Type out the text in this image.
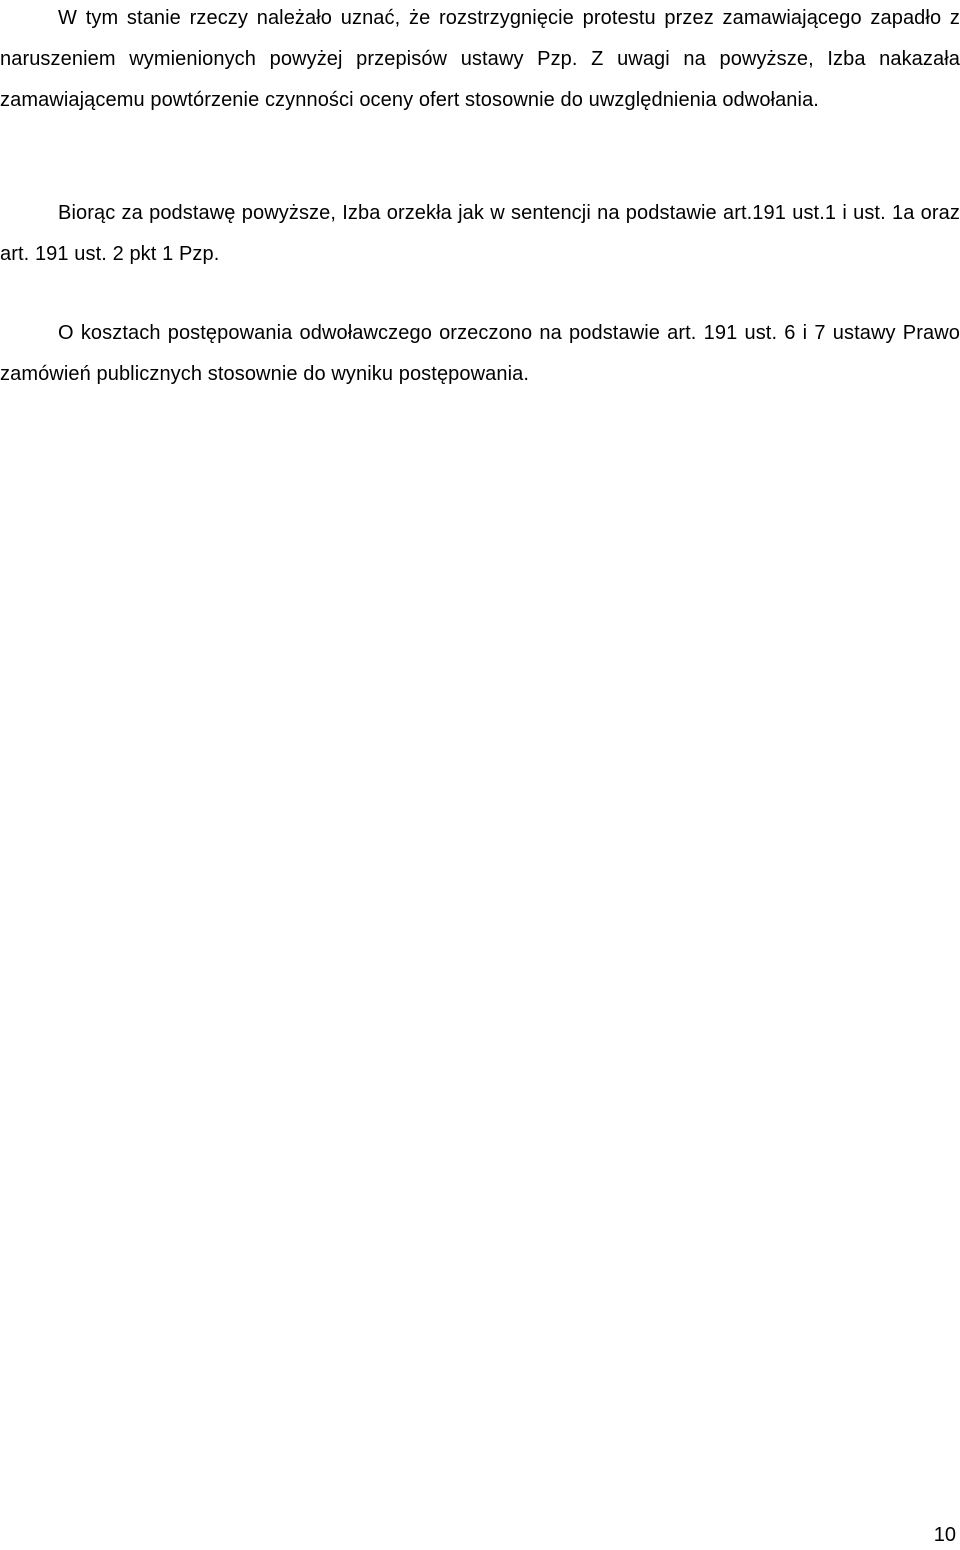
W tym stanie rzeczy należało uznać, że rozstrzygnięcie protestu przez zamawiającego zapadło z naruszeniem wymienionych powyżej przepisów ustawy Pzp. Z uwagi na powyższe, Izba nakazała zamawiającemu powtórzenie czynności oceny ofert stosownie do uwzględnienia odwołania.

Biorąc za podstawę powyższe, Izba orzekła jak w sentencji na podstawie art.191 ust.1 i ust. 1a oraz art. 191 ust. 2 pkt 1 Pzp.

O kosztach postępowania odwoławczego orzeczono na podstawie art. 191 ust. 6 i 7 ustawy Prawo zamówień publicznych stosownie do wyniku postępowania.

10
